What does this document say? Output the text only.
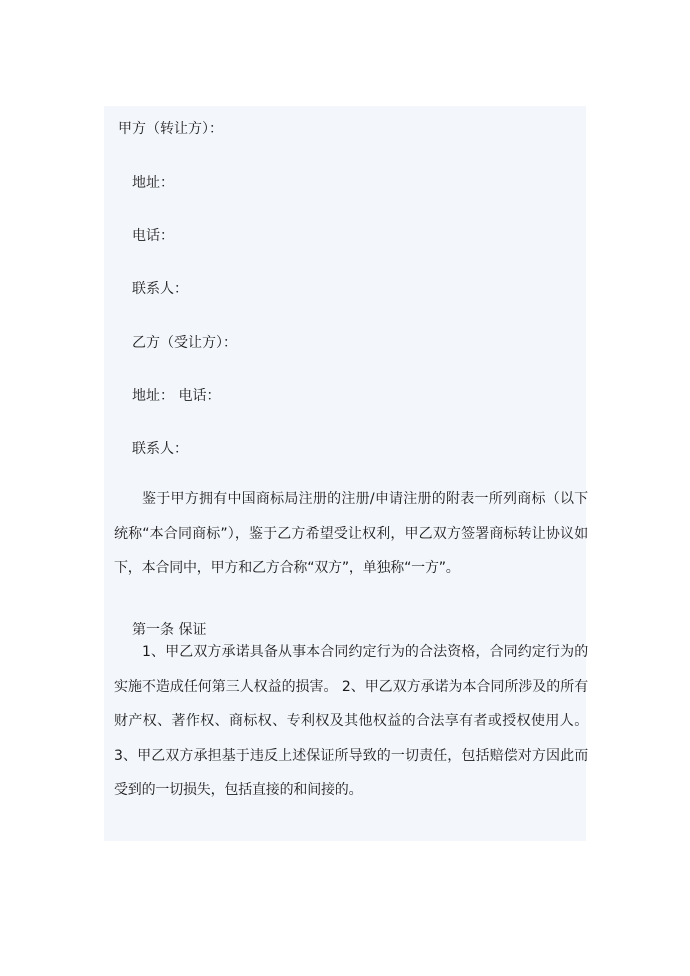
甲方（转让方）：
地址：
电话：
联系人：
乙方（受让方）：
地址： 电话：
联系人：
鉴于甲方拥有中国商标局注册的注册/申请注册的附表一所列商标（以下统称“本合同商标”），鉴于乙方希望受让权利，甲乙双方签署商标转让协议如下，本合同中，甲方和乙方合称“双方”，单独称“一方”。
第一条 保证
1、甲乙双方承诺具备从事本合同约定行为的合法资格，合同约定行为的实施不造成任何第三人权益的损害。 2、甲乙双方承诺为本合同所涉及的所有财产权、著作权、商标权、专利权及其他权益的合法享有者或授权使用人。 3、甲乙双方承担基于违反上述保证所导致的一切责任，包括赔偿对方因此而受到的一切损失，包括直接的和间接的。
